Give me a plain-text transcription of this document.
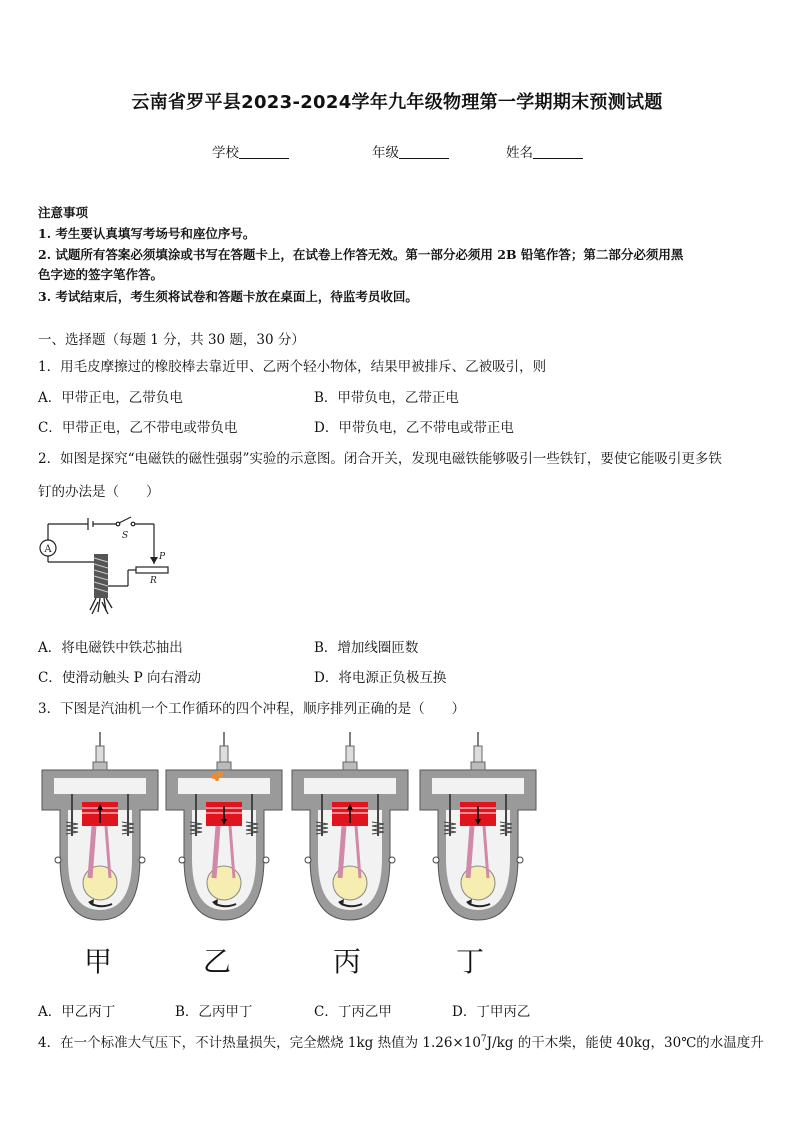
云南省罗平县2023-2024学年九年级物理第一学期期末预测试题
学校	年级	姓名
注意事项
1. 考生要认真填写考场号和座位序号。
2. 试题所有答案必须填涂或书写在答题卡上，在试卷上作答无效。第一部分必须用 2B 铅笔作答；第二部分必须用黑
色字迹的签字笔作答。
3. 考试结束后，考生须将试卷和答题卡放在桌面上，待监考员收回。
一、选择题（每题 1 分，共 30 题，30 分）
1．用毛皮摩擦过的橡胶棒去靠近甲、乙两个轻小物体，结果甲被排斥、乙被吸引，则
A．甲带正电，乙带负电	B．甲带负电，乙带正电
C．甲带正电，乙不带电或带负电	D．甲带负电，乙不带电或带正电
2．如图是探究“电磁铁的磁性强弱”实验的示意图。闭合开关，发现电磁铁能够吸引一些铁钉，要使它能吸引更多铁
钉的办法是（　　）
A
S
P
R
A．将电磁铁中铁芯抽出	B．增加线圈匝数
C．使滑动触头 P 向右滑动	D．将电源正负极互换
3．下图是汽油机一个工作循环的四个冲程，顺序排列正确的是（　　）
甲	乙	丙	丁
A．甲乙丙丁	B．乙丙甲丁	C．丁丙乙甲	D．丁甲丙乙
4．在一个标准大气压下，不计热量损失，完全燃烧 1kg 热值为 $1.26\times 10^7J/kg$ 的干木柴，能使 40kg，30℃的水温度升
